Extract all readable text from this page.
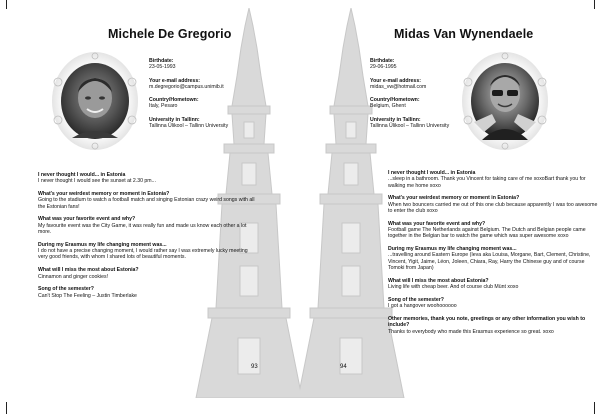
Michele De Gregorio
Birthdate:
23-05-1993
Your e-mail address:
m.degregorio@campus.unimib.it
Country/Hometown:
Italy, Pesaro
University in Tallinn:
Tallinna Ülikool – Tallinn University
I never thought I would... in Estonia
I never thought I would see the sunset at 2.30 pm...
What's your weirdest memory or moment in Estonia?
Going to the stadium to watch a football match and singing Estonian crazy weird songs with all the Estonian fans!
What was your favorite event and why?
My favourite event was the City Game, it was really fun and made us know each other a lot more.
During my Erasmus my life changing moment was...
I do not have a precise changing moment, I would rather say I was extremely lucky meeting very good friends, with whom I shared lots of beautiful moments.
What will I miss the most about Estonia?
Cinnamon and ginger cookies!
Song of the semester?
Can't Stop The Feeling – Justin Timberlake
93
Midas Van Wynendaele
Birthdate:
29-06-1995
Your e-mail address:
midas_vw@hotmail.com
Country/Hometown:
Belgium, Ghent
University in Tallinn:
Tallinna Ülikool – Tallinn University
I never thought I would... in Estonia
...sleep in a bathroom. Thank you Vincent for taking care of me xoxoBart thank you for walking me home xoxo
What's your weirdest memory or moment in Estonia?
When two bouncers carried me out of this one club because apparently I was too awesome to enter the club xoxo
What was your favorite event and why?
Football game The Netherlands against Belgium. The Dutch and Belgian people came together in the Belgian bar to watch the game which was super awesome xoxo
During my Erasmus my life changing moment was...
...travelling around Eastern Europe (Ieva aka Louisa, Morgane, Bart, Clement, Christine, Vincent, Yigit, Jaime, Léon, Joleen, Chiara, Ray, Harry the Chinese guy and of course Tomoki from Japan)
What will I miss the most about Estonia?
Living life with cheap beer. And of course club Münt xoxo
Song of the semester?
I got a hangover woohoooooo
Other memories, thank you note, greetings or any other information you wish to include?
Thanks to everybody who made this Erasmus experience so great. xoxo
94
